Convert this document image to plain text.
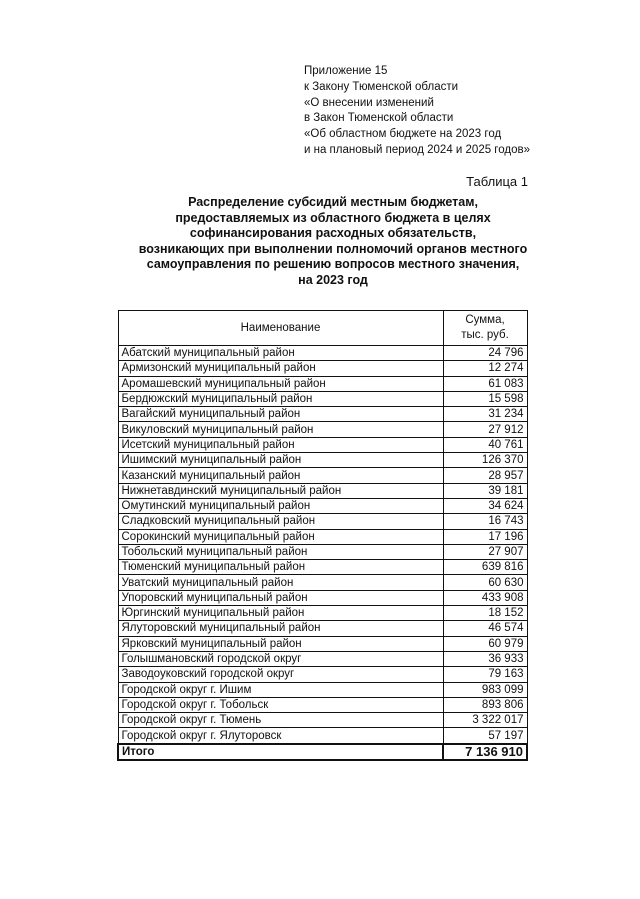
Приложение 15
к Закону Тюменской области
«О внесении изменений
в Закон Тюменской области
«Об областном бюджете на 2023 год
и на плановый период 2024 и 2025 годов»
Таблица 1
Распределение субсидий местным бюджетам,
предоставляемых из областного бюджета в целях
софинансирования расходных обязательств,
возникающих при выполнении полномочий органов местного
самоуправления по решению вопросов местного значения,
на 2023 год
Наименование	Сумма,
тыс. руб.
Абатский муниципальный район	24 796
Армизонский муниципальный район	12 274
Аромашевский муниципальный район	61 083
Бердюжский муниципальный район	15 598
Вагайский муниципальный район	31 234
Викуловский муниципальный район	27 912
Исетский муниципальный район	40 761
Ишимский муниципальный район	126 370
Казанский муниципальный район	28 957
Нижнетавдинский муниципальный район	39 181
Омутинский муниципальный район	34 624
Сладковский муниципальный район	16 743
Сорокинский муниципальный район	17 196
Тобольский муниципальный район	27 907
Тюменский муниципальный район	639 816
Уватский муниципальный район	60 630
Упоровский муниципальный район	433 908
Юргинский муниципальный район	18 152
Ялуторовский муниципальный район	46 574
Ярковский муниципальный район	60 979
Голышмановский городской округ	36 933
Заводоуковский городской округ	79 163
Городской округ г. Ишим	983 099
Городской округ г. Тобольск	893 806
Городской округ г. Тюмень	3 322 017
Городской округ г. Ялуторовск	57 197
Итого	7 136 910
